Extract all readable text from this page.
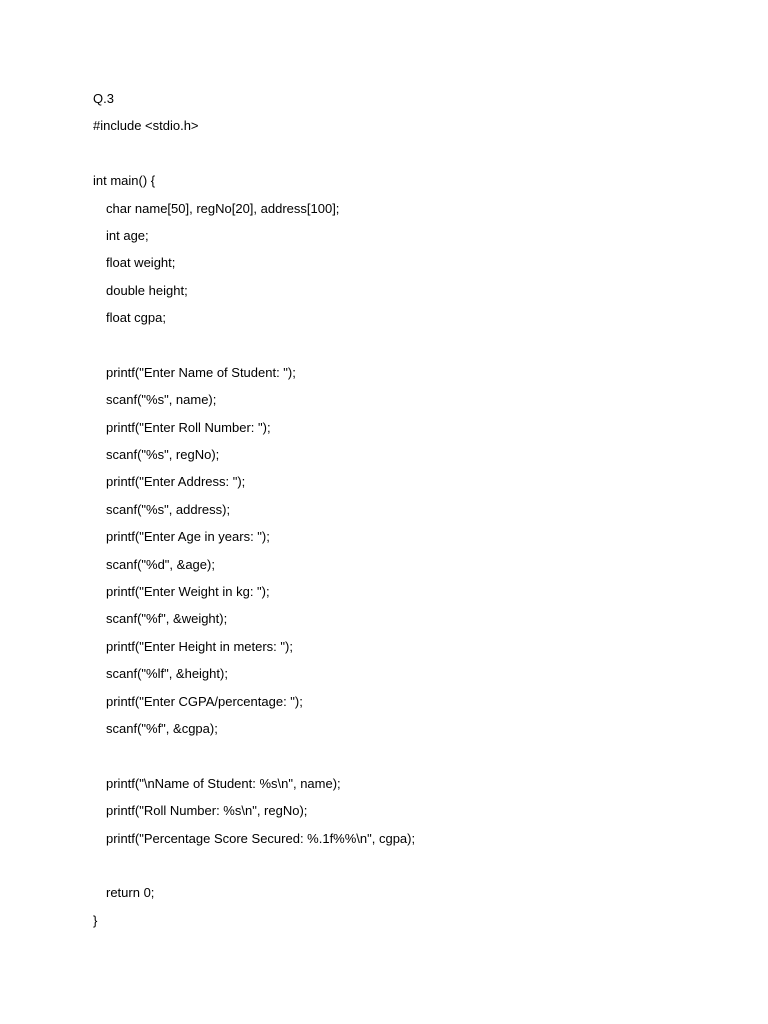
Q.3
#include <stdio.h>
int main() {
char name[50], regNo[20], address[100];
int age;
float weight;
double height;
float cgpa;
printf("Enter Name of Student: ");
scanf("%s", name);
printf("Enter Roll Number: ");
scanf("%s", regNo);
printf("Enter Address: ");
scanf("%s", address);
printf("Enter Age in years: ");
scanf("%d", &age);
printf("Enter Weight in kg: ");
scanf("%f", &weight);
printf("Enter Height in meters: ");
scanf("%lf", &height);
printf("Enter CGPA/percentage: ");
scanf("%f", &cgpa);
printf("\nName of Student: %s\n", name);
printf("Roll Number: %s\n", regNo);
printf("Percentage Score Secured: %.1f%%\n", cgpa);
return 0;
}
